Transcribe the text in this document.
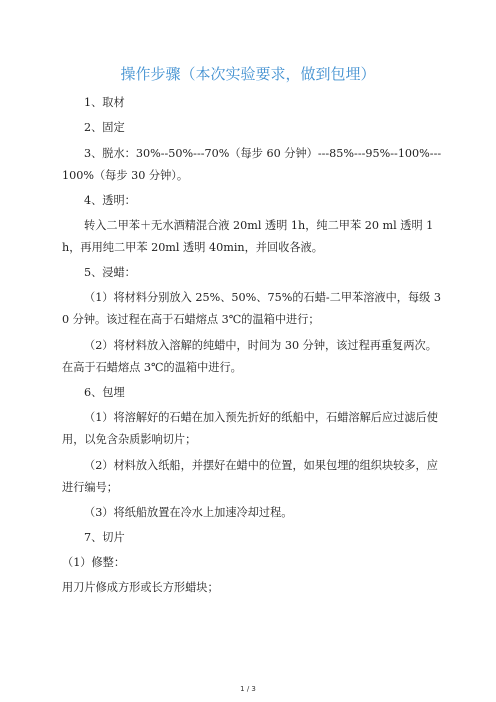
操作步骤（本次实验要求，做到包埋）

1、取材

2、固定

3、脱水：30%--50%---70%（每步 60 分钟）---85%---95%--100%--- 100%（每步 30 分钟）。

4、透明：

转入二甲苯＋无水酒精混合液 20ml 透明 1h，纯二甲苯 20 ml 透明 1h，再用纯二甲苯 20ml 透明 40min，并回收各液。

5、浸蜡：

（1）将材料分别放入 25%、50%、75%的石蜡-二甲苯溶液中，每级 30 分钟。该过程在高于石蜡熔点 3℃的温箱中进行；

（2）将材料放入溶解的纯蜡中，时间为 30 分钟，该过程再重复两次。在高于石蜡熔点 3℃的温箱中进行。

6、包埋

（1）将溶解好的石蜡在加入预先折好的纸船中，石蜡溶解后应过滤后使用，以免含杂质影响切片；

（2）材料放入纸船，并摆好在蜡中的位置，如果包埋的组织块较多，应进行编号；

（3）将纸船放置在冷水上加速冷却过程。

7、切片

（1）修整：

用刀片修成方形或长方形蜡块；

1 / 3
